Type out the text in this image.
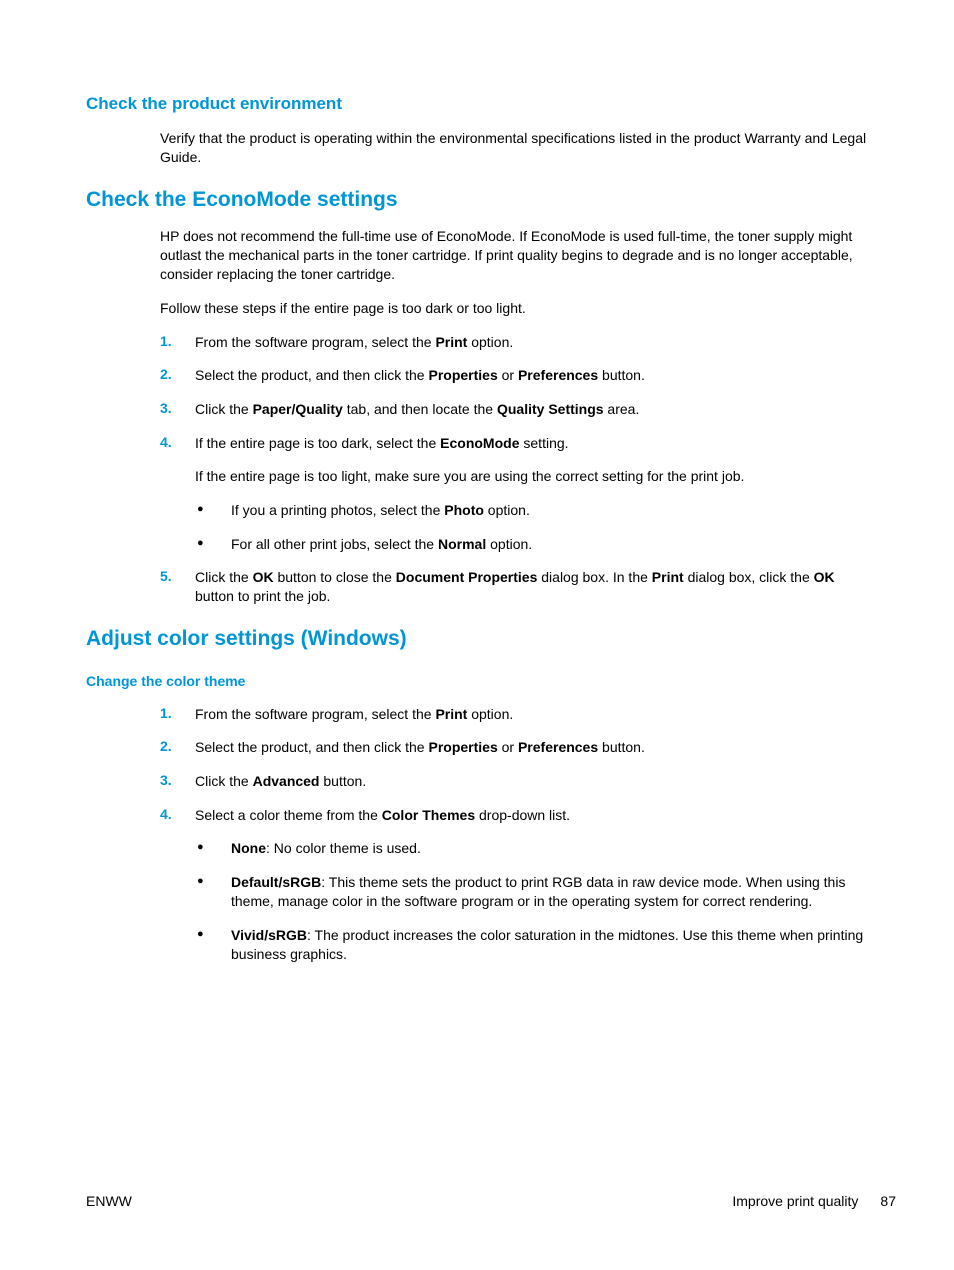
Check the product environment
Verify that the product is operating within the environmental specifications listed in the product Warranty and Legal Guide.
Check the EconoMode settings
HP does not recommend the full-time use of EconoMode. If EconoMode is used full-time, the toner supply might outlast the mechanical parts in the toner cartridge. If print quality begins to degrade and is no longer acceptable, consider replacing the toner cartridge.
Follow these steps if the entire page is too dark or too light.
1.	From the software program, select the Print option.
2.	Select the product, and then click the Properties or Preferences button.
3.	Click the Paper/Quality tab, and then locate the Quality Settings area.
4.	If the entire page is too dark, select the EconoMode setting.
If the entire page is too light, make sure you are using the correct setting for the print job.
● If you a printing photos, select the Photo option.
● For all other print jobs, select the Normal option.
5.	Click the OK button to close the Document Properties dialog box. In the Print dialog box, click the OK button to print the job.
Adjust color settings (Windows)
Change the color theme
1.	From the software program, select the Print option.
2.	Select the product, and then click the Properties or Preferences button.
3.	Click the Advanced button.
4.	Select a color theme from the Color Themes drop-down list.
● None: No color theme is used.
● Default/sRGB: This theme sets the product to print RGB data in raw device mode. When using this theme, manage color in the software program or in the operating system for correct rendering.
● Vivid/sRGB: The product increases the color saturation in the midtones. Use this theme when printing business graphics.
ENWW	Improve print quality 87
